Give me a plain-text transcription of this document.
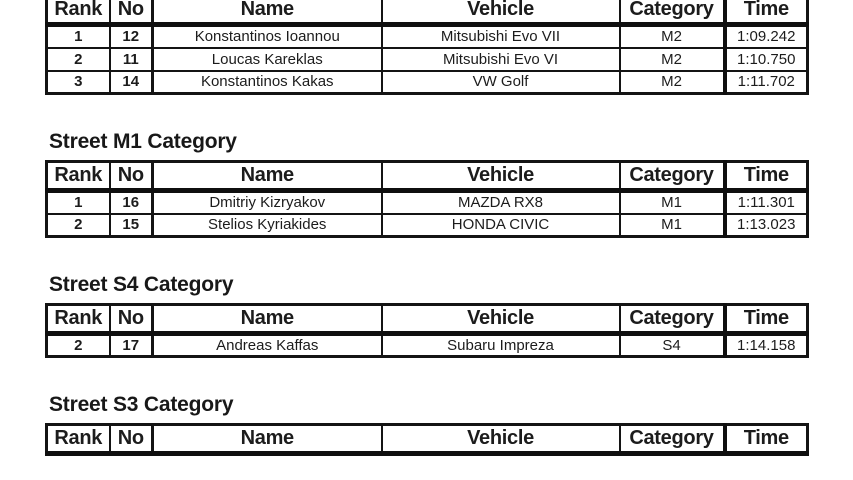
Rank	No	Name	Vehicle	Category	Time
1	12	Konstantinos Ioannou	Mitsubishi Evo VII	M2	1:09.242
2	11	Loucas Kareklas	Mitsubishi Evo VI	M2	1:10.750
3	14	Konstantinos Kakas	VW Golf	M2	1:11.702
Street M1 Category
Rank	No	Name	Vehicle	Category	Time
1	16	Dmitriy Kizryakov	MAZDA RX8	M1	1:11.301
2	15	Stelios Kyriakides	HONDA CIVIC	M1	1:13.023
Street S4 Category
Rank	No	Name	Vehicle	Category	Time
2	17	Andreas Kaffas	Subaru Impreza	S4	1:14.158
Street S3 Category
Rank	No	Name	Vehicle	Category	Time
